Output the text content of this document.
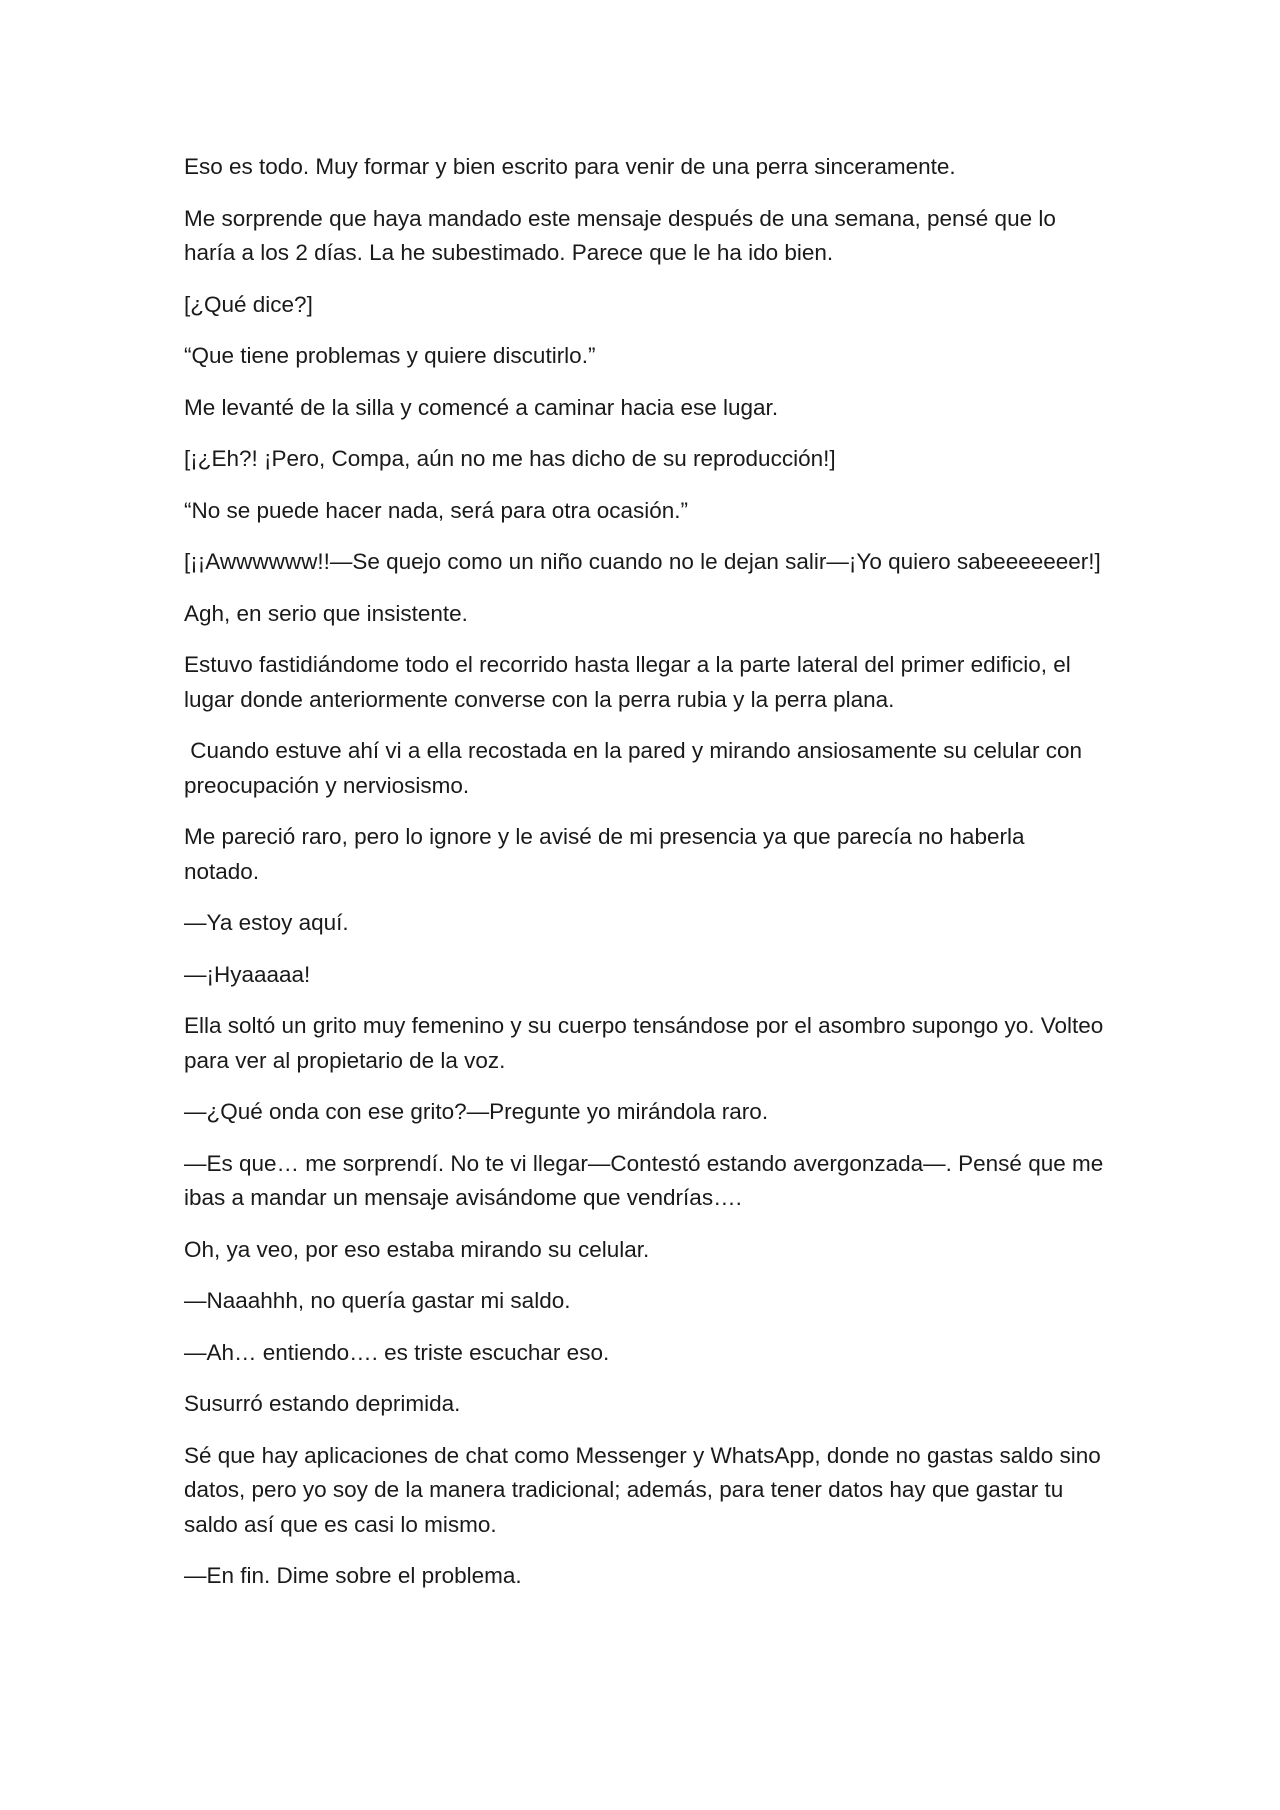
Eso es todo. Muy formar y bien escrito para venir de una perra sinceramente.

Me sorprende que haya mandado este mensaje después de una semana, pensé que lo haría a los 2 días. La he subestimado. Parece que le ha ido bien.

[¿Qué dice?]

“Que tiene problemas y quiere discutirlo.”

Me levanté de la silla y comencé a caminar hacia ese lugar.

[¡¿Eh?! ¡Pero, Compa, aún no me has dicho de su reproducción!]

“No se puede hacer nada, será para otra ocasión.”

[¡¡Awwwwww!!—Se quejo como un niño cuando no le dejan salir—¡Yo quiero sabeeeeeeer!]

Agh, en serio que insistente.

Estuvo fastidiándome todo el recorrido hasta llegar a la parte lateral del primer edificio, el lugar donde anteriormente converse con la perra rubia y la perra plana.

Cuando estuve ahí vi a ella recostada en la pared y mirando ansiosamente su celular con preocupación y nerviosismo.

Me pareció raro, pero lo ignore y le avisé de mi presencia ya que parecía no haberla notado.

—Ya estoy aquí.

—¡Hyaaaaa!

Ella soltó un grito muy femenino y su cuerpo tensándose por el asombro supongo yo. Volteo para ver al propietario de la voz.

—¿Qué onda con ese grito?—Pregunte yo mirándola raro.

—Es que… me sorprendí. No te vi llegar—Contestó estando avergonzada—. Pensé que me ibas a mandar un mensaje avisándome que vendrías….

Oh, ya veo, por eso estaba mirando su celular.

—Naaahhh, no quería gastar mi saldo.

—Ah… entiendo…. es triste escuchar eso.

Susurró estando deprimida.

Sé que hay aplicaciones de chat como Messenger y WhatsApp, donde no gastas saldo sino datos, pero yo soy de la manera tradicional; además, para tener datos hay que gastar tu saldo así que es casi lo mismo.

—En fin. Dime sobre el problema.
